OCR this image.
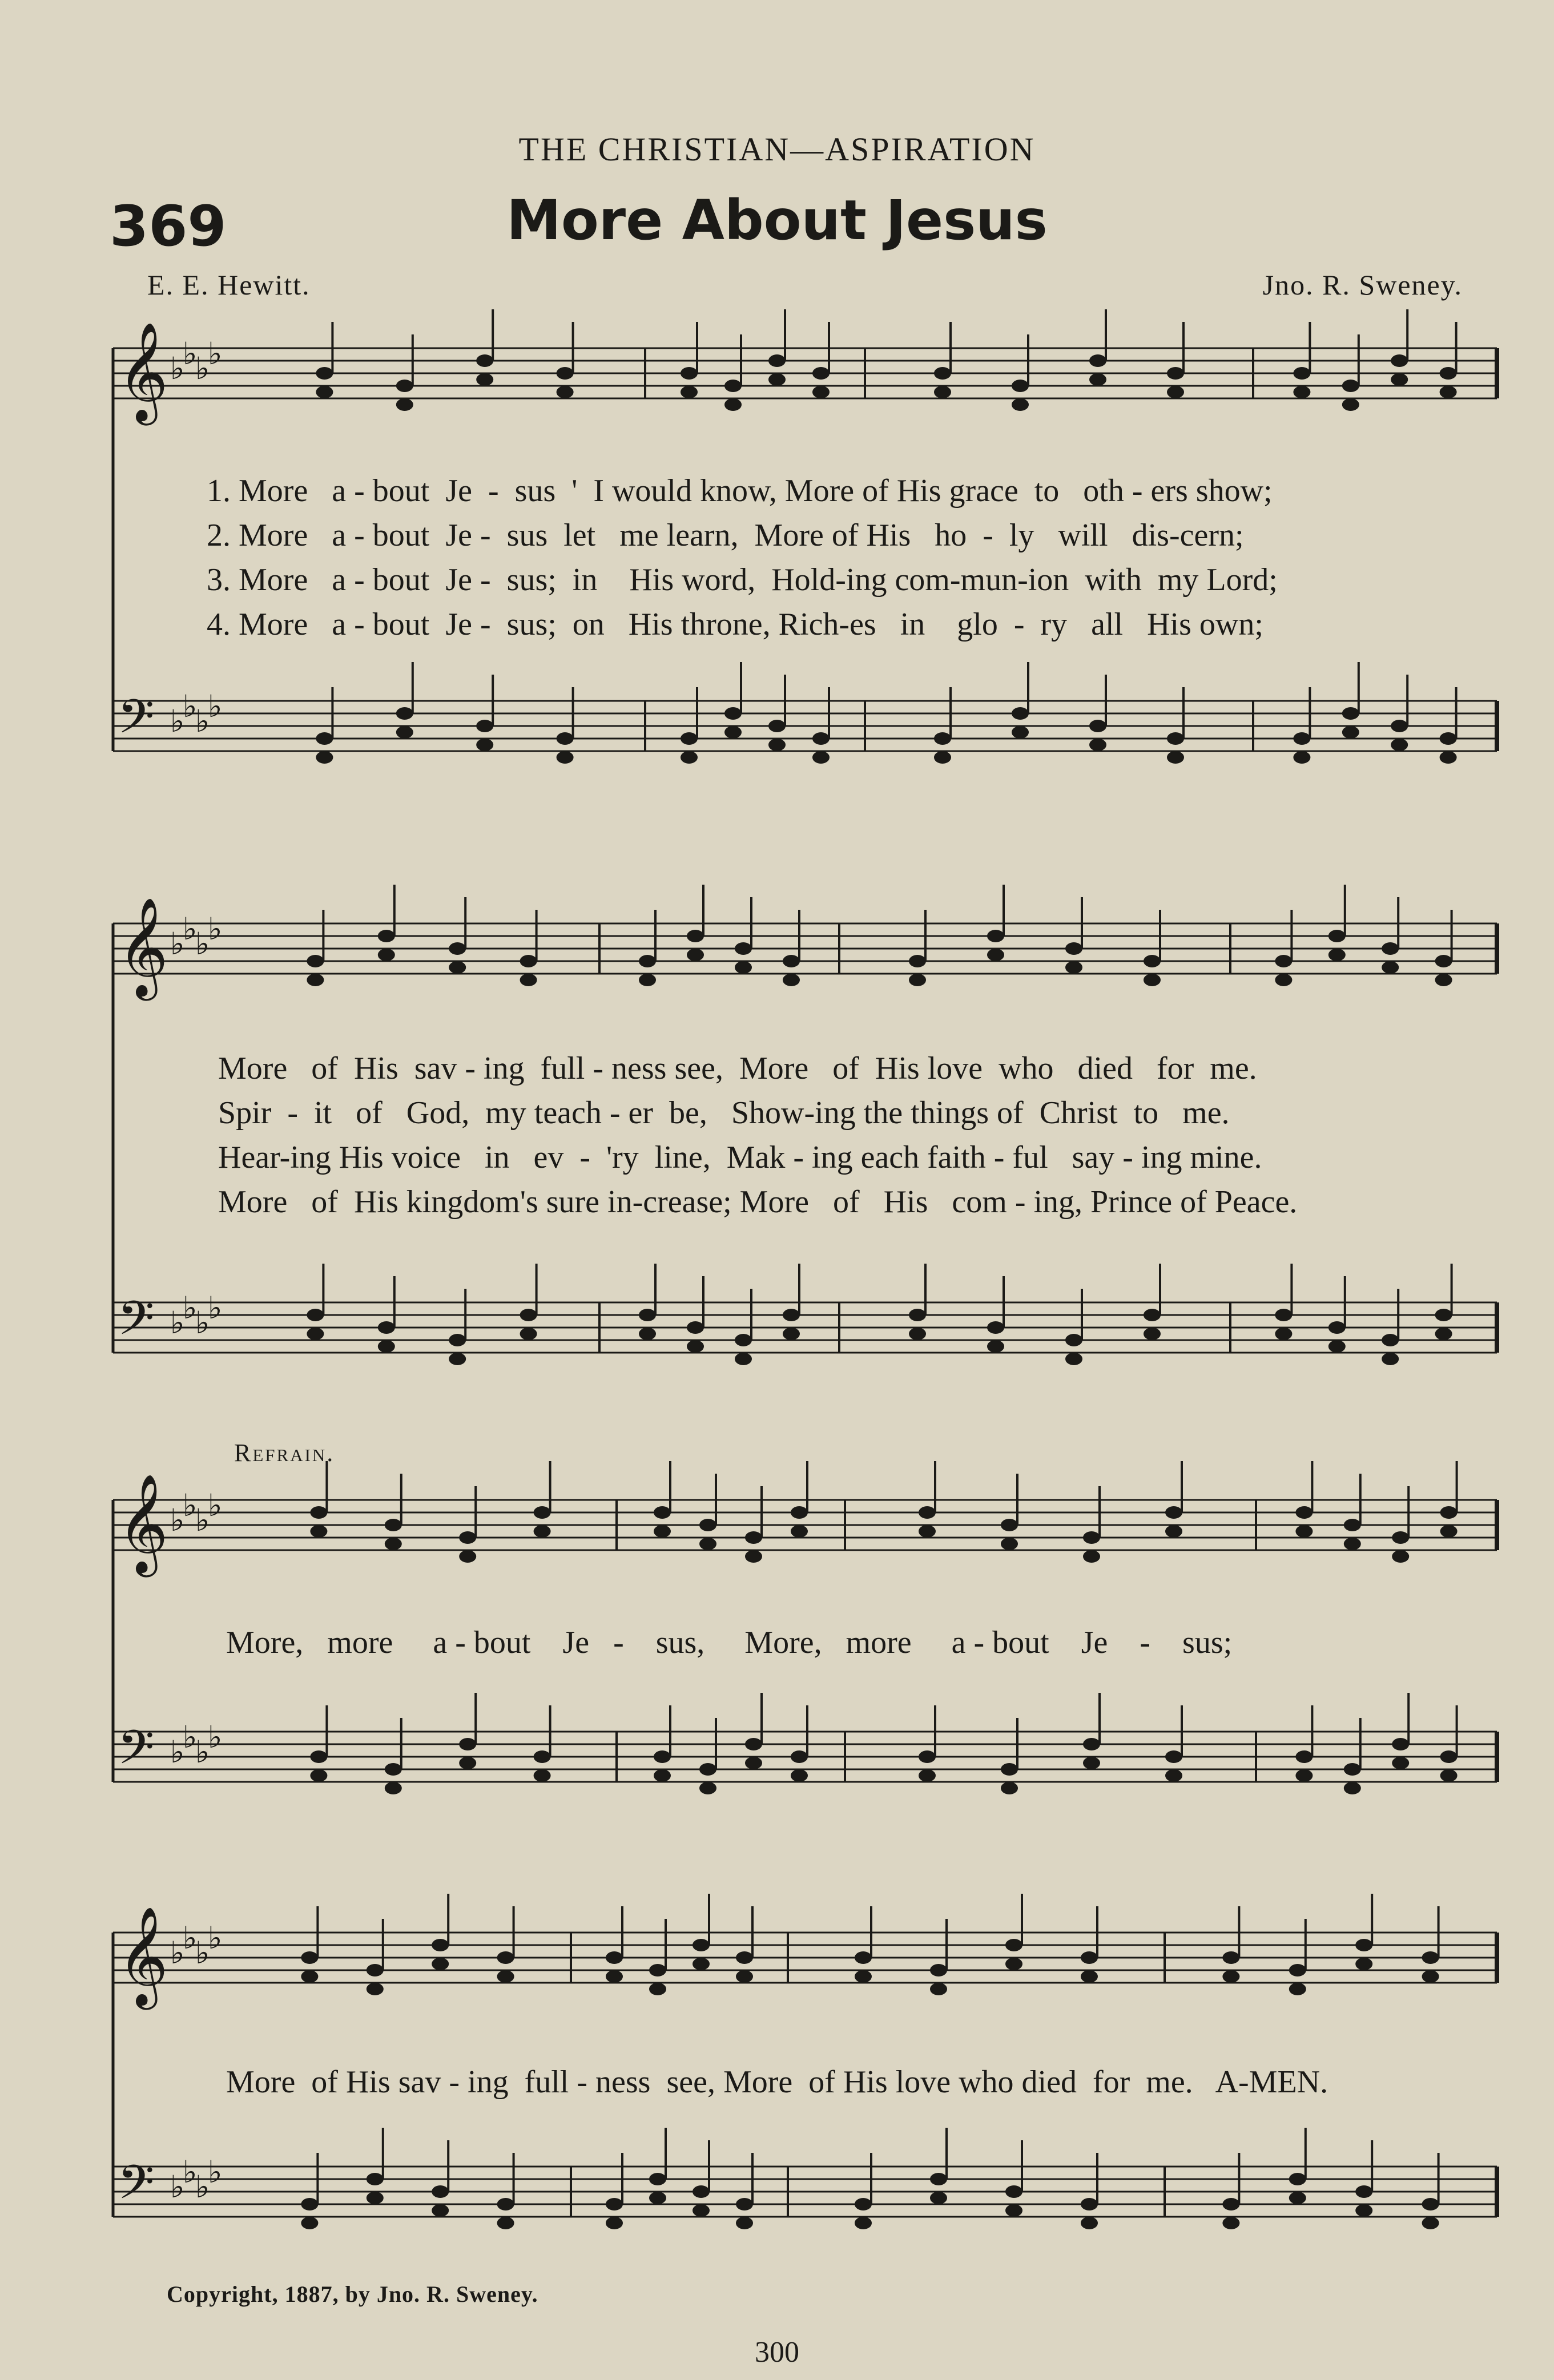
𝄞 ♭
♭
♭
♭
𝄢 ♭
♭
♭
♭
𝄞 ♭
♭
♭
♭
𝄢 ♭
♭
♭
♭
𝄞 ♭
♭
♭
♭
𝄢 ♭
♭
♭
♭
𝄞 ♭
♭
♭
♭
𝄢 ♭
♭
♭
♭
THE CHRISTIAN—ASPIRATION
369	More About Jesus
E. E. Hewitt.	Jno. R. Sweney.
1. More   a - bout  Je  -  sus  '  I would know, More of His grace  to   oth - ers show;
2. More   a - bout  Je -  sus  let   me learn,  More of His   ho  -  ly   will   dis-cern;
3. More   a - bout  Je -  sus;  in    His word,  Hold-ing com-mun-ion  with  my Lord;
4. More   a - bout  Je -  sus;  on   His throne, Rich-es   in    glo  -  ry   all   His own;
More   of  His  sav - ing  full - ness see,  More   of  His love  who   died   for  me.
Spir  -  it   of   God,  my teach - er  be,   Show-ing the things of  Christ  to   me.
Hear-ing His voice   in   ev  -  'ry  line,  Mak - ing each faith - ful   say - ing mine.
More   of  His kingdom's sure in-crease; More   of   His   com - ing, Prince of Peace.
Refrain.
More,   more     a - bout    Je   -    sus,     More,   more     a - bout    Je    -    sus;
More  of His sav - ing  full - ness  see, More  of His love who died  for  me.   A-MEN.
Copyright, 1887, by Jno. R. Sweney.
300
